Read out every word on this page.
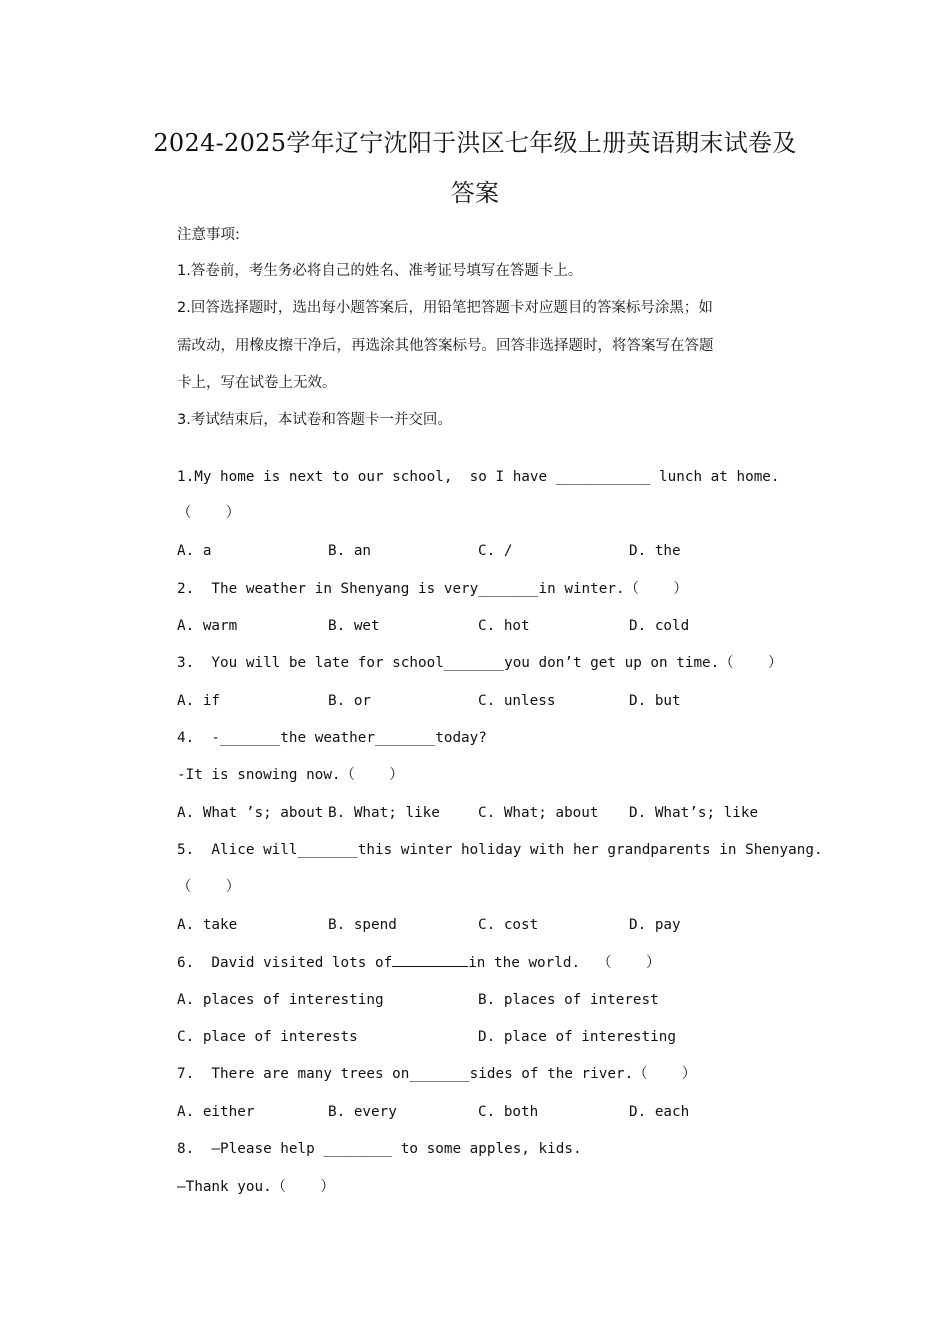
2024-2025学年辽宁沈阳于洪区七年级上册英语期末试卷及
答案
注意事项:
1.答卷前，考生务必将自己的姓名、准考证号填写在答题卡上。
2.回答选择题时，选出每小题答案后，用铅笔把答题卡对应题目的答案标号涂黑；如
需改动，用橡皮擦干净后，再选涂其他答案标号。回答非选择题时，将答案写在答题
卡上，写在试卷上无效。
3.考试结束后，本试卷和答题卡一并交回。
1.My home is next to our school,  so I have ___________ lunch at home.
（    ）
A. a	B. an	C. /	D. the
2.  The weather in Shenyang is very_______in winter.（    ）
A. warm	B. wet	C. hot	D. cold
3.  You will be late for school_______you don’t get up on time.（    ）
A. if	B. or	C. unless	D. but
4.  -_______the weather_______today?
-It is snowing now.（    ）
A. What ’s; about B. What; like	C. What; about D. What’s; like
5.  Alice will_______this winter holiday with her grandparents in Shenyang.
（    ）
A. take	B. spend	C. cost	D. pay
6.  David visited lots of	in the world.  （    ）
A. places of interesting	B. places of interest
C. place of interests	D. place of interesting
7.  There are many trees on_______sides of the river.（    ）
A. either	B. every	C. both	D. each
8.  —Please help ________ to some apples, kids.
—Thank you.（    ）
